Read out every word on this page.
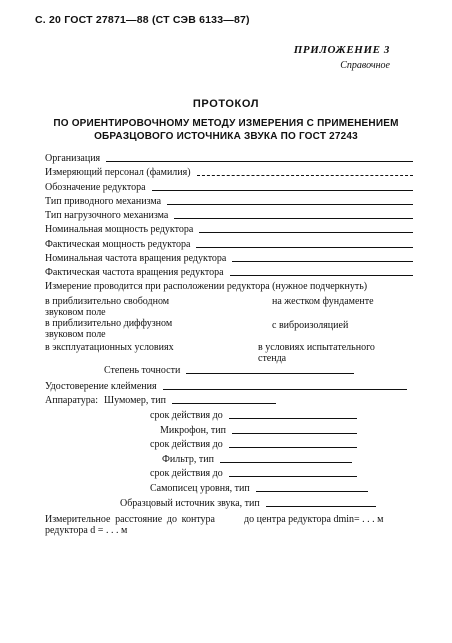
С. 20 ГОСТ 27871—88 (СТ СЭВ 6133—87)
ПРИЛОЖЕНИЕ 3
Справочное
ПРОТОКОЛ
ПО ОРИЕНТИРОВОЧНОМУ МЕТОДУ ИЗМЕРЕНИЯ С ПРИМЕНЕНИЕМ
ОБРАЗЦОВОГО ИСТОЧНИКА ЗВУКА ПО ГОСТ 27243
Организация
Измеряющий персонал (фамилия)
Обозначение редуктора
Тип приводного механизма
Тип нагрузочного механизма
Номинальная мощность редуктора
Фактическая мощность редуктора
Номинальная частота вращения редуктора
Фактическая частота вращения редуктора
Измерение проводится при расположении редуктора (нужное подчеркнуть)
в приблизительно свободном звуковом поле
на жестком фундаменте
в приблизительно диффузном звуковом поле
с виброизоляцией
в эксплуатационных условиях	в условиях испытательного стенда
Степень точности
Удостоверение клеймения
Аппаратура: Шумомер, тип
срок действия до
Микрофон, тип
срок действия до
Фильтр, тип
срок действия до
Самописец уровня, тип
Образцовый источник звука, тип
Измерительное расстояние до контура редуктора d = . . . м
до центра редуктора dmin= . . . м
